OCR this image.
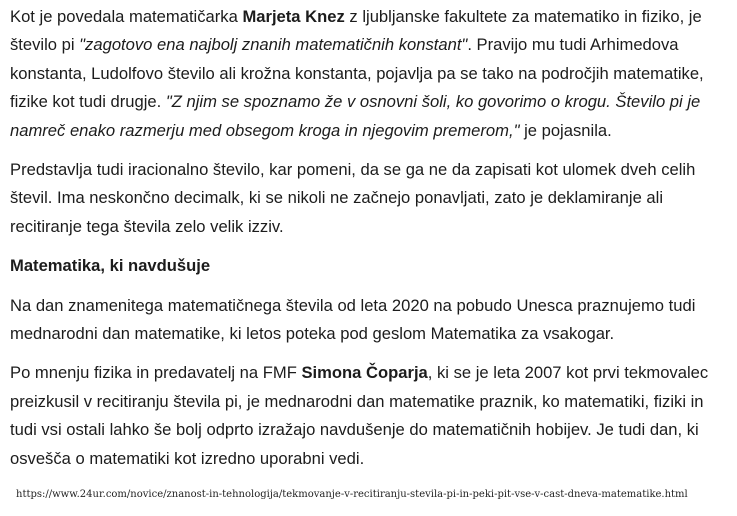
Kot je povedala matematičarka Marjeta Knez z ljubljanske fakultete za matematiko in fiziko, je število pi "zagotovo ena najbolj znanih matematičnih konstant". Pravijo mu tudi Arhimedova konstanta, Ludolfovo število ali krožna konstanta, pojavlja pa se tako na področjih matematike, fizike kot tudi drugje. "Z njim se spoznamo že v osnovni šoli, ko govorimo o krogu. Število pi je namreč enako razmerju med obsegom kroga in njegovim premerom," je pojasnila.

Predstavlja tudi iracionalno število, kar pomeni, da se ga ne da zapisati kot ulomek dveh celih števil. Ima neskončno decimalk, ki se nikoli ne začnejo ponavljati, zato je deklamiranje ali recitiranje tega števila zelo velik izziv.

Matematika, ki navdušuje

Na dan znamenitega matematičnega števila od leta 2020 na pobudo Unesca praznujemo tudi mednarodni dan matematike, ki letos poteka pod geslom Matematika za vsakogar.

Po mnenju fizika in predavatelj na FMF Simona Čoparja, ki se je leta 2007 kot prvi tekmovalec preizkusil v recitiranju števila pi, je mednarodni dan matematike praznik, ko matematiki, fiziki in tudi vsi ostali lahko še bolj odprto izražajo navdušenje do matematičnih hobijev. Je tudi dan, ki osvešča o matematiki kot izredno uporabni vedi.

https://www.24ur.com/novice/znanost-in-tehnologija/tekmovanje-v-recitiranju-stevila-pi-in-peki-pit-vse-v-cast-dneva-matematike.html
